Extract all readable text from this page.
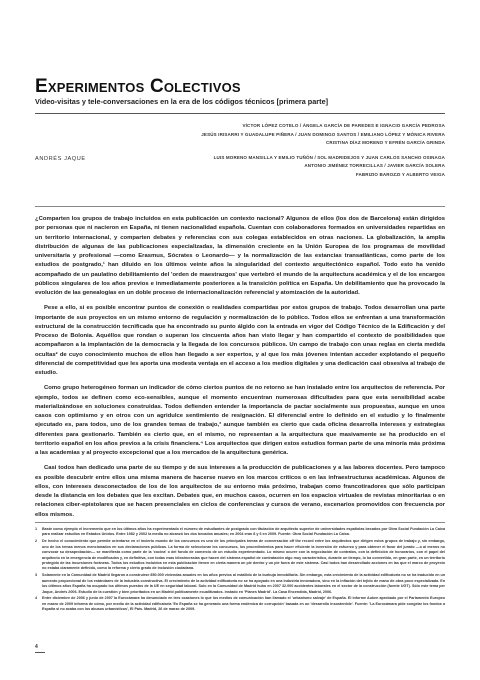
Experimentos Colectivos
Video-visitas y tele-conversaciones en la era de los códigos técnicos [primera parte]
VÍCTOR LÓPEZ COTELO / ÁNGELA GARCÍA DE PAREDES E IGNACIO GARCÍA PEDROSA
JESÚS IRISARRI Y GUADALUPE PIÑERA / JUAN DOMINGO SANTOS / EMILIANO LÓPEZ Y MÓNICA RIVERA
CRISTINA DÍAZ MORENO Y EFRÉN GARCÍA GRINDA
LUIS MORENO MANSILLA Y EMILIO TUÑÓN / SOL MADRIDEJOS Y JUAN CARLOS SANCHO OSINAGA
ANTONIO JIMÉNEZ TORRECILLAS / JAVIER GARCÍA SOLERA
FABRIZIO BAROZZI Y ALBERTO VEIGA
ANDRÉS JAQUE

¿Comparten los grupos de trabajo incluidos en esta publicación un contexto nacional? Algunos de ellos (los dos de Barcelona) están dirigidos por personas que ni nacieron en España, ni tienen nacionalidad española. Cuentan con colaboradores formados en universidades repartidas en un territorio internacional, y comparten debates y referencias con sus colegas establecidos en otras naciones. La globalización, la amplia distribución de algunas de las publicaciones especializadas, la dimensión creciente en la Unión Europea de los programas de movilidad universitaria y profesional —como Erasmus, Sócrates o Leonardo— y la normalización de las estancias transatlánticas, como parte de los estudios de postgrado,¹ han diluido en los últimos veinte años la singularidad del contexto arquitectónico español. Todo esto ha venido acompañado de un paulatino debilitamiento del 'orden de maestrazgos' que vertebró el mundo de la arquitectura académica y el de los encargos públicos singulares de los años previos e inmediatamente posteriores a la transición política en España. Un debilitamiento que ha provocado la evolución de las genealogías en un doble proceso de internacionalización referencial y atomización de la autoridad.

Pese a ello, si es posible encontrar puntos de conexión o realidades compartidas por estos grupos de trabajo. Todos desarrollan una parte importante de sus proyectos en un mismo entorno de regulación y normalización de lo público. Todos ellos se enfrentan a una transformación estructural de la construcción tecnificada que ha encontrado su punto álgido con la entrada en vigor del Código Técnico de la Edificación y del Proceso de Bolonia. Aquéllos que rondan o superan los cincuenta años han visto llegar y han compartido el contexto de posibilidades que acompañaron a la implantación de la democracia y la llegada de los concursos públicos. Un campo de trabajo con unas reglas en cierta medida ocultas² de cuyo conocimiento muchos de ellos han llegado a ser expertos, y al que los más jóvenes intentan acceder explotando el pequeño diferencial de competitividad que les aporta una modesta ventaja en el acceso a los medios digitales y una dedicación casi obsesiva al trabajo de estudio.

Como grupo heterogéneo forman un indicador de cómo ciertos puntos de no retorno se han instalado entre los arquitectos de referencia. Por ejemplo, todos se definen como eco-sensibles, aunque el momento encuentran numerosas dificultades para que esta sensibilidad acabe materializándose en soluciones construidas. Todos defienden entender la importancia de pactar socialmente sus propuestas, aunque en unos casos con optimismo y en otros con un agridulce sentimiento de resignación. El diferencial entre lo definido en el estudio y lo finalmente ejecutado es, para todos, uno de los grandes temas de trabajo,³ aunque también es cierto que cada oficina desarrolla intereses y estrategias diferentes para gestionarlo. También es cierto que, en el mismo, no representan a la arquitectura que masivamente se ha producido en el territorio español en los años previos a la crisis financiera.⁴ Los arquitectos que dirigen estos estudios forman parte de una minoría más próxima a las academias y al proyecto excepcional que a los mercados de la arquitectura genérica.

Casi todos han dedicado una parte de su tiempo y de sus intereses a la producción de publicaciones y a las labores docentes. Pero tampoco es posible descubrir entre ellos una misma manera de hacerse nuevo en los marcos críticos o en las infraestructuras académicas. Algunos de ellos, con intereses desconectados de los de los arquitectos de su entorno más próximo, trabajan como francotiradores que sólo participan desde la distancia en los debates que les excitan. Debates que, en muchos casos, ocurren en los espacios virtuales de revistas minoritarias o en relaciones ciber-epistolares que se hacen presenciales en ciclos de conferencias y cursos de verano, escenarios promovidos con frecuencia por ellos mismos.

1 Baste como ejemplo el incremento que en los últimos años ha experimentado el número de estudiantes de postgrado con titulación de arquitecto superior de universidades españolas becados por Obra Social Fundación La Caixa para realizar estudios en Estados Unidos. Entre 1982 y 2002 la media no alcanzó los dos becados anuales; en 2004 eran 8 y 6 en 2009. Fuente: Obra Social Fundación La Caixa.
2 De hecho el conocimiento que permite orientarse en el incierto mundo de los concursos es uno de los principales temas de conversación off the record entre los arquitectos que dirigen estos grupos de trabajo y, sin embargo, uno de los temas menos mencionados en sus declaraciones públicas. La forma de seleccionar los concursos, los procedimientos para hacer eficiente la inversión de esfuerzo y para obtener el favor del jurado —o al menos no convocar su desaprobación— se manifiesta como parte de la 'cocina' o del fondo de comercio de un estudio experimentado. Lo mismo ocurre con la negociación de contratos, con la definición de honorarios, con el papel del arquitecto en la emergencia de modificados y, en definitiva, con todas esas idiosincrasias que hacen del sistema español de contratación algo muy característico, durante un tiempo, lo ha convertido, en gran parte, en un territorio protegido de las incursiones foráneas. Todos los estudios incluidos en esta publicación tienen en cierta manera un pie dentro y un pie fuera de este sistema. Casi todos han desarrollado acciones en las que el marco de proyecto no estaba claramente definido, como la reforma y cierto grado de inclusión ciudadana.
3 Solamente en la Comunidad de Madrid llegaron a construirse 850.000 viviendas anuales en los años previos al estallido de la burbuja inmobiliaria. Sin embargo, esta crecimiento de la actividad edificatoria no se ha traducido en un aumento proporcional de los estándares de la industria constructiva. El crecimiento de la actividad edificatoria no se ha apoyado en una industria innovadora, sino en la inflación del tejido de mano de obra poco especializada. En los últimos años España ha ocupado los últimos puestos de la UE en seguridad laboral. Solo en la Comunidad de Madrid hubo en 2007 32.000 accidentes laborales en el sector de la construcción (fuente UGT). Sólo este tema per Jaque, Andrés 2006. Estudio de la cuestión y bien prioritados en un Madrid políticamente ecualitizados. Instado en 'Planes Madrid'. La Casa Encendida, Madrid, 2006.
4 Entre diciembre de 2006 y junio de 2007 la Eurocámara ha denunciado en tres ocasiones lo que los medios de comunicación han llamado el 'urbanismo salvaje' de España. El informe Auken aprobado por el Parlamento Europeo en marzo de 2009 informa de cómo, por medio de la actividad edificatoria 'En España se ha generado una forma endémica de corrupción' basada en un 'desarrollo insostenible'. Fuente: 'La Eurocámara pide congelar los fondos a España si no acaba con los abusos urbanísticos', El País. Madrid, 26 de marzo de 2009.
4
